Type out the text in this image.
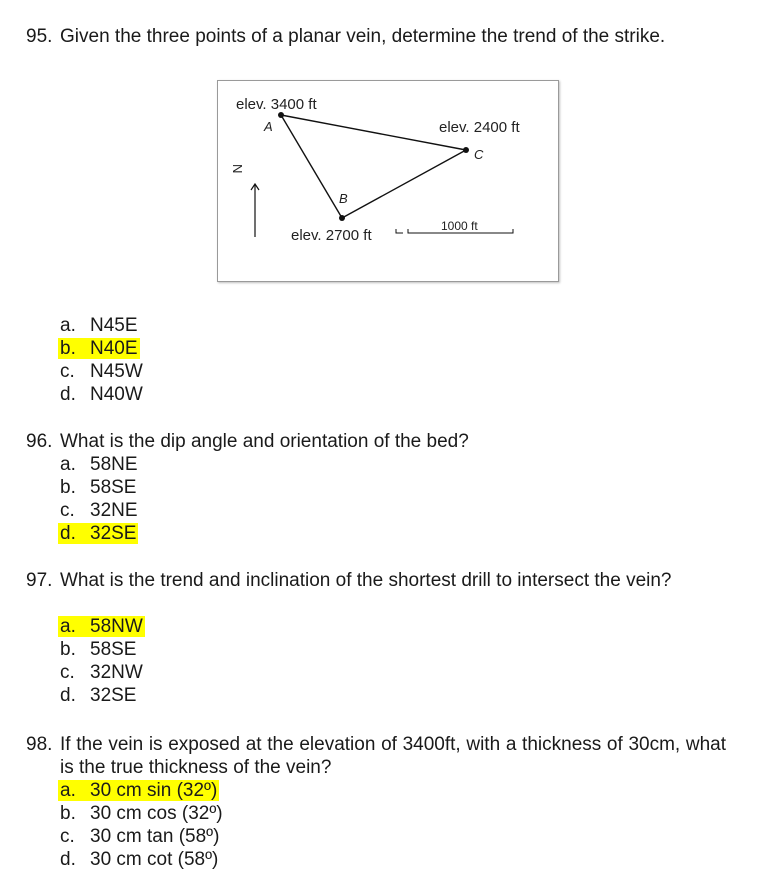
95. Given the three points of a planar vein, determine the trend of the strike.
elev. 3400 ft
A	elev. 2400 ft
C
B
elev. 2700 ft
N
1000 ft
a. N45E
b. N40E
c. N45W
d. N40W
96. What is the dip angle and orientation of the bed?
a. 58NE
b. 58SE
c. 32NE
d. 32SE
97. What is the trend and inclination of the shortest drill to intersect the vein?
a. 58NW
b. 58SE
c. 32NW
d. 32SE
98. If the vein is exposed at the elevation of 3400ft, with a thickness of 30cm, what is the true thickness of the vein?
a. 30 cm sin (32º)
b. 30 cm cos (32º)
c. 30 cm tan (58º)
d. 30 cm cot (58º)
